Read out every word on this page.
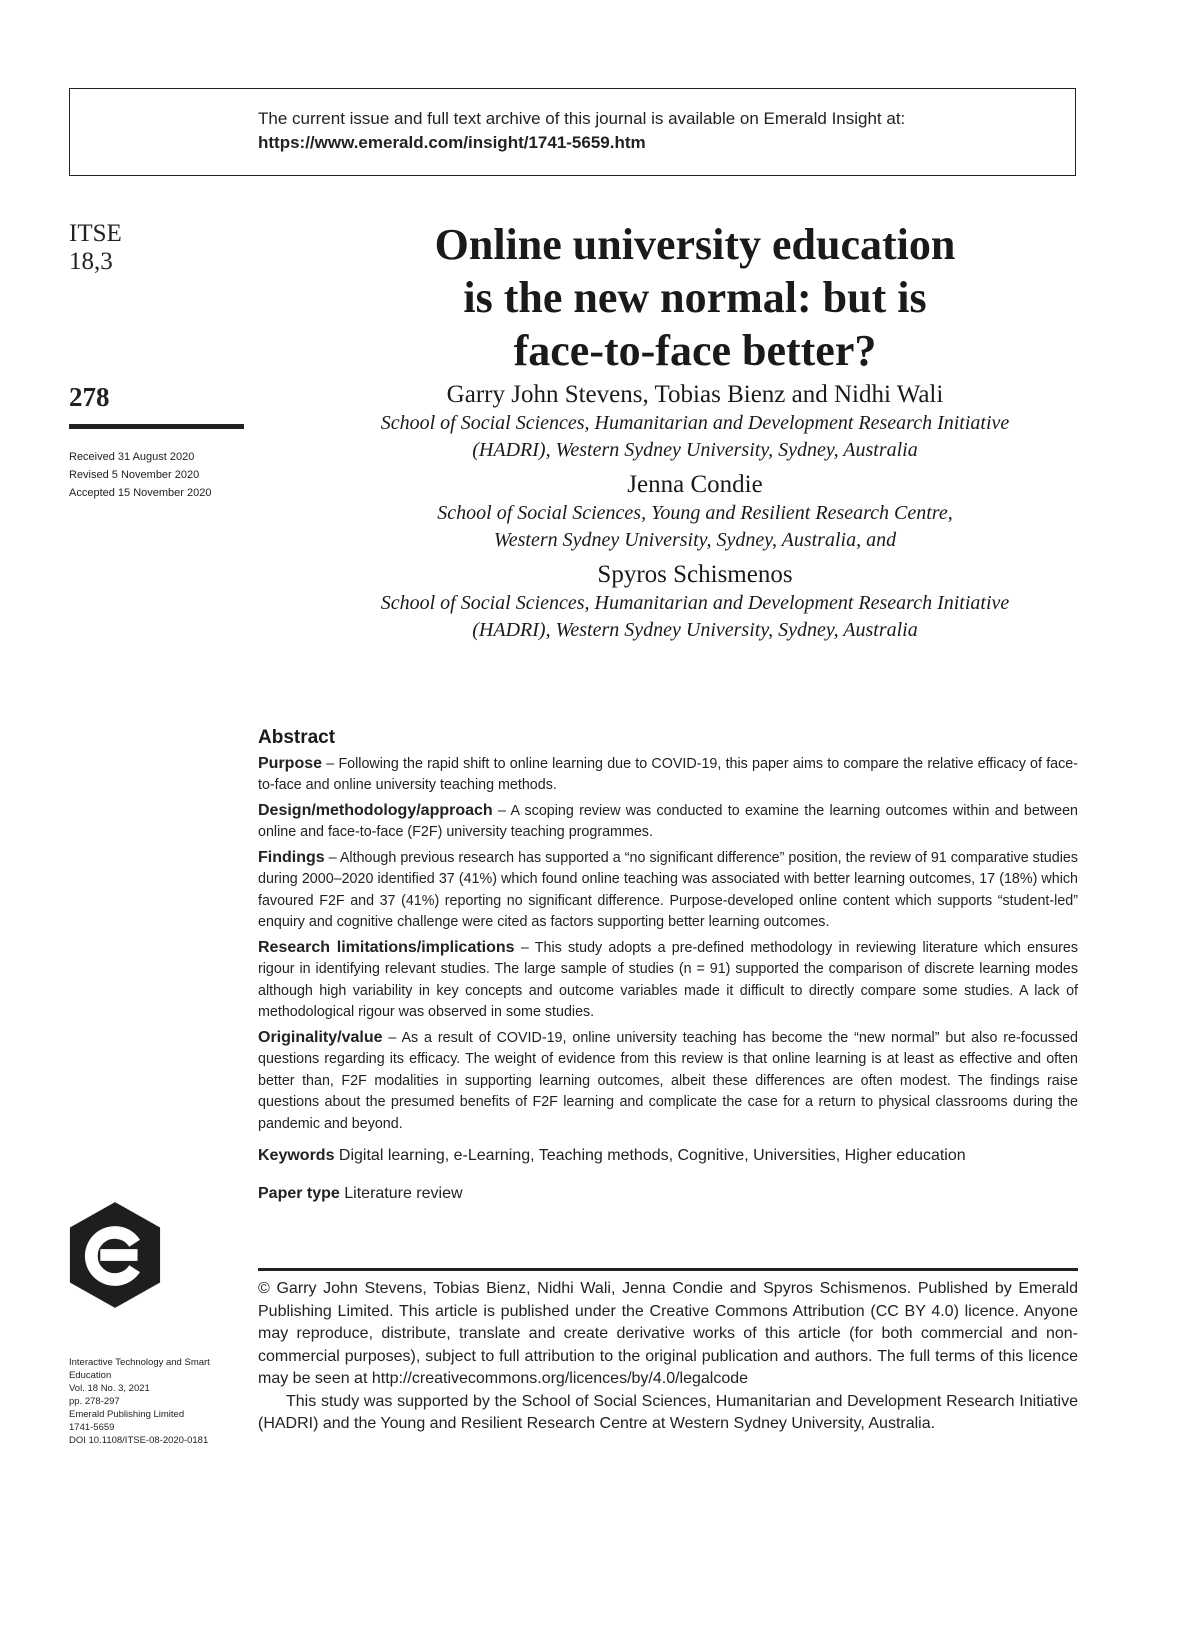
The current issue and full text archive of this journal is available on Emerald Insight at:
https://www.emerald.com/insight/1741-5659.htm
ITSE
18,3
278
Received 31 August 2020
Revised 5 November 2020
Accepted 15 November 2020
Online university education
is the new normal: but is
face-to-face better?
Garry John Stevens, Tobias Bienz and Nidhi Wali
School of Social Sciences, Humanitarian and Development Research Initiative
(HADRI), Western Sydney University, Sydney, Australia
Jenna Condie
School of Social Sciences, Young and Resilient Research Centre,
Western Sydney University, Sydney, Australia, and
Spyros Schismenos
School of Social Sciences, Humanitarian and Development Research Initiative
(HADRI), Western Sydney University, Sydney, Australia
Abstract
Purpose – Following the rapid shift to online learning due to COVID-19, this paper aims to compare the relative efficacy of face-to-face and online university teaching methods.
Design/methodology/approach – A scoping review was conducted to examine the learning outcomes within and between online and face-to-face (F2F) university teaching programmes.
Findings – Although previous research has supported a “no significant difference” position, the review of 91 comparative studies during 2000–2020 identified 37 (41%) which found online teaching was associated with better learning outcomes, 17 (18%) which favoured F2F and 37 (41%) reporting no significant difference. Purpose-developed online content which supports “student-led” enquiry and cognitive challenge were cited as factors supporting better learning outcomes.
Research limitations/implications – This study adopts a pre-defined methodology in reviewing literature which ensures rigour in identifying relevant studies. The large sample of studies (n = 91) supported the comparison of discrete learning modes although high variability in key concepts and outcome variables made it difficult to directly compare some studies. A lack of methodological rigour was observed in some studies.
Originality/value – As a result of COVID-19, online university teaching has become the “new normal” but also re-focussed questions regarding its efficacy. The weight of evidence from this review is that online learning is at least as effective and often better than, F2F modalities in supporting learning outcomes, albeit these differences are often modest. The findings raise questions about the presumed benefits of F2F learning and complicate the case for a return to physical classrooms during the pandemic and beyond.
Keywords Digital learning, e-Learning, Teaching methods, Cognitive, Universities, Higher education
Paper type Literature review

© Garry John Stevens, Tobias Bienz, Nidhi Wali, Jenna Condie and Spyros Schismenos. Published by Emerald Publishing Limited. This article is published under the Creative Commons Attribution (CC BY 4.0) licence. Anyone may reproduce, distribute, translate and create derivative works of this article (for both commercial and non-commercial purposes), subject to full attribution to the original publication and authors. The full terms of this licence may be seen at http://creativecommons.org/licences/by/4.0/legalcode

This study was supported by the School of Social Sciences, Humanitarian and Development Research Initiative (HADRI) and the Young and Resilient Research Centre at Western Sydney University, Australia.

Interactive Technology and Smart Education
Vol. 18 No. 3, 2021
pp. 278-297
Emerald Publishing Limited
1741-5659
DOI 10.1108/ITSE-08-2020-0181
